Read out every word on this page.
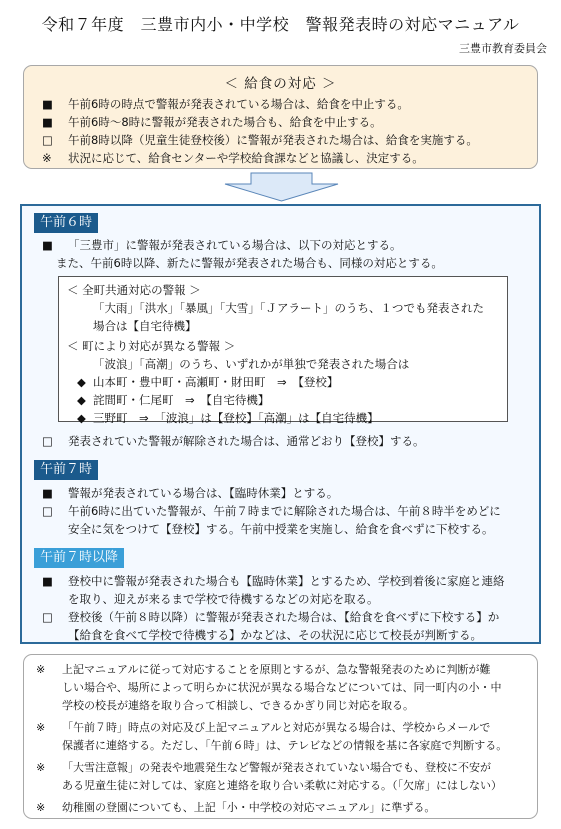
令和７年度　三豊市内小・中学校　警報発表時の対応マニュアル
三豊市教育委員会
＜ 給食の対応 ＞
■ 午前6時の時点で警報が発表されている場合は、給食を中止する。
■ 午前6時～8時に警報が発表された場合も、給食を中止する。
□ 午前8時以降（児童生徒登校後）に警報が発表された場合は、給食を実施する。
※ 状況に応じて、給食センターや学校給食課などと協議し、決定する。
午前６時
■ 「三豊市」に警報が発表されている場合は、以下の対応とする。
また、午前6時以降、新たに警報が発表された場合も、同様の対応とする。
＜ 全町共通対応の警報 ＞
「大雨」「洪水」「暴風」「大雪」「Ｊアラート」のうち、１つでも発表された
場合は【自宅待機】
＜ 町により対応が異なる警報 ＞
「波浪」「高潮」のうち、いずれかが単独で発表された場合は
◆ 山本町・豊中町・高瀬町・財田町　⇒　【登校】
◆ 詫間町・仁尾町　⇒　【自宅待機】
◆ 三野町　⇒　「波浪」は【登校】「高潮」は【自宅待機】
□ 発表されていた警報が解除された場合は、通常どおり【登校】する。
午前７時
■ 警報が発表されている場合は、【臨時休業】とする。
□ 午前6時に出ていた警報が、午前７時までに解除された場合は、午前８時半をめどに
安全に気をつけて【登校】する。午前中授業を実施し、給食を食べずに下校する。
午前７時以降
■ 登校中に警報が発表された場合も【臨時休業】とするため、学校到着後に家庭と連絡
を取り、迎えが来るまで学校で待機するなどの対応を取る。
□ 登校後（午前８時以降）に警報が発表された場合は、【給食を食べずに下校する】か
【給食を食べて学校で待機する】かなどは、その状況に応じて校長が判断する。
※ 上記マニュアルに従って対応することを原則とするが、急な警報発表のために判断が難
しい場合や、場所によって明らかに状況が異なる場合などについては、同一町内の小・中
学校の校長が連絡を取り合って相談し、できるかぎり同じ対応を取る。
※ 「午前７時」時点の対応及び上記マニュアルと対応が異なる場合は、学校からメールで
保護者に連絡する。ただし、「午前６時」は、テレビなどの情報を基に各家庭で判断する。
※ 「大雪注意報」の発表や地震発生など警報が発表されていない場合でも、登校に不安が
ある児童生徒に対しては、家庭と連絡を取り合い柔軟に対応する。（「欠席」にはしない）
※ 幼稚園の登園についても、上記「小・中学校の対応マニュアル」に準ずる。
